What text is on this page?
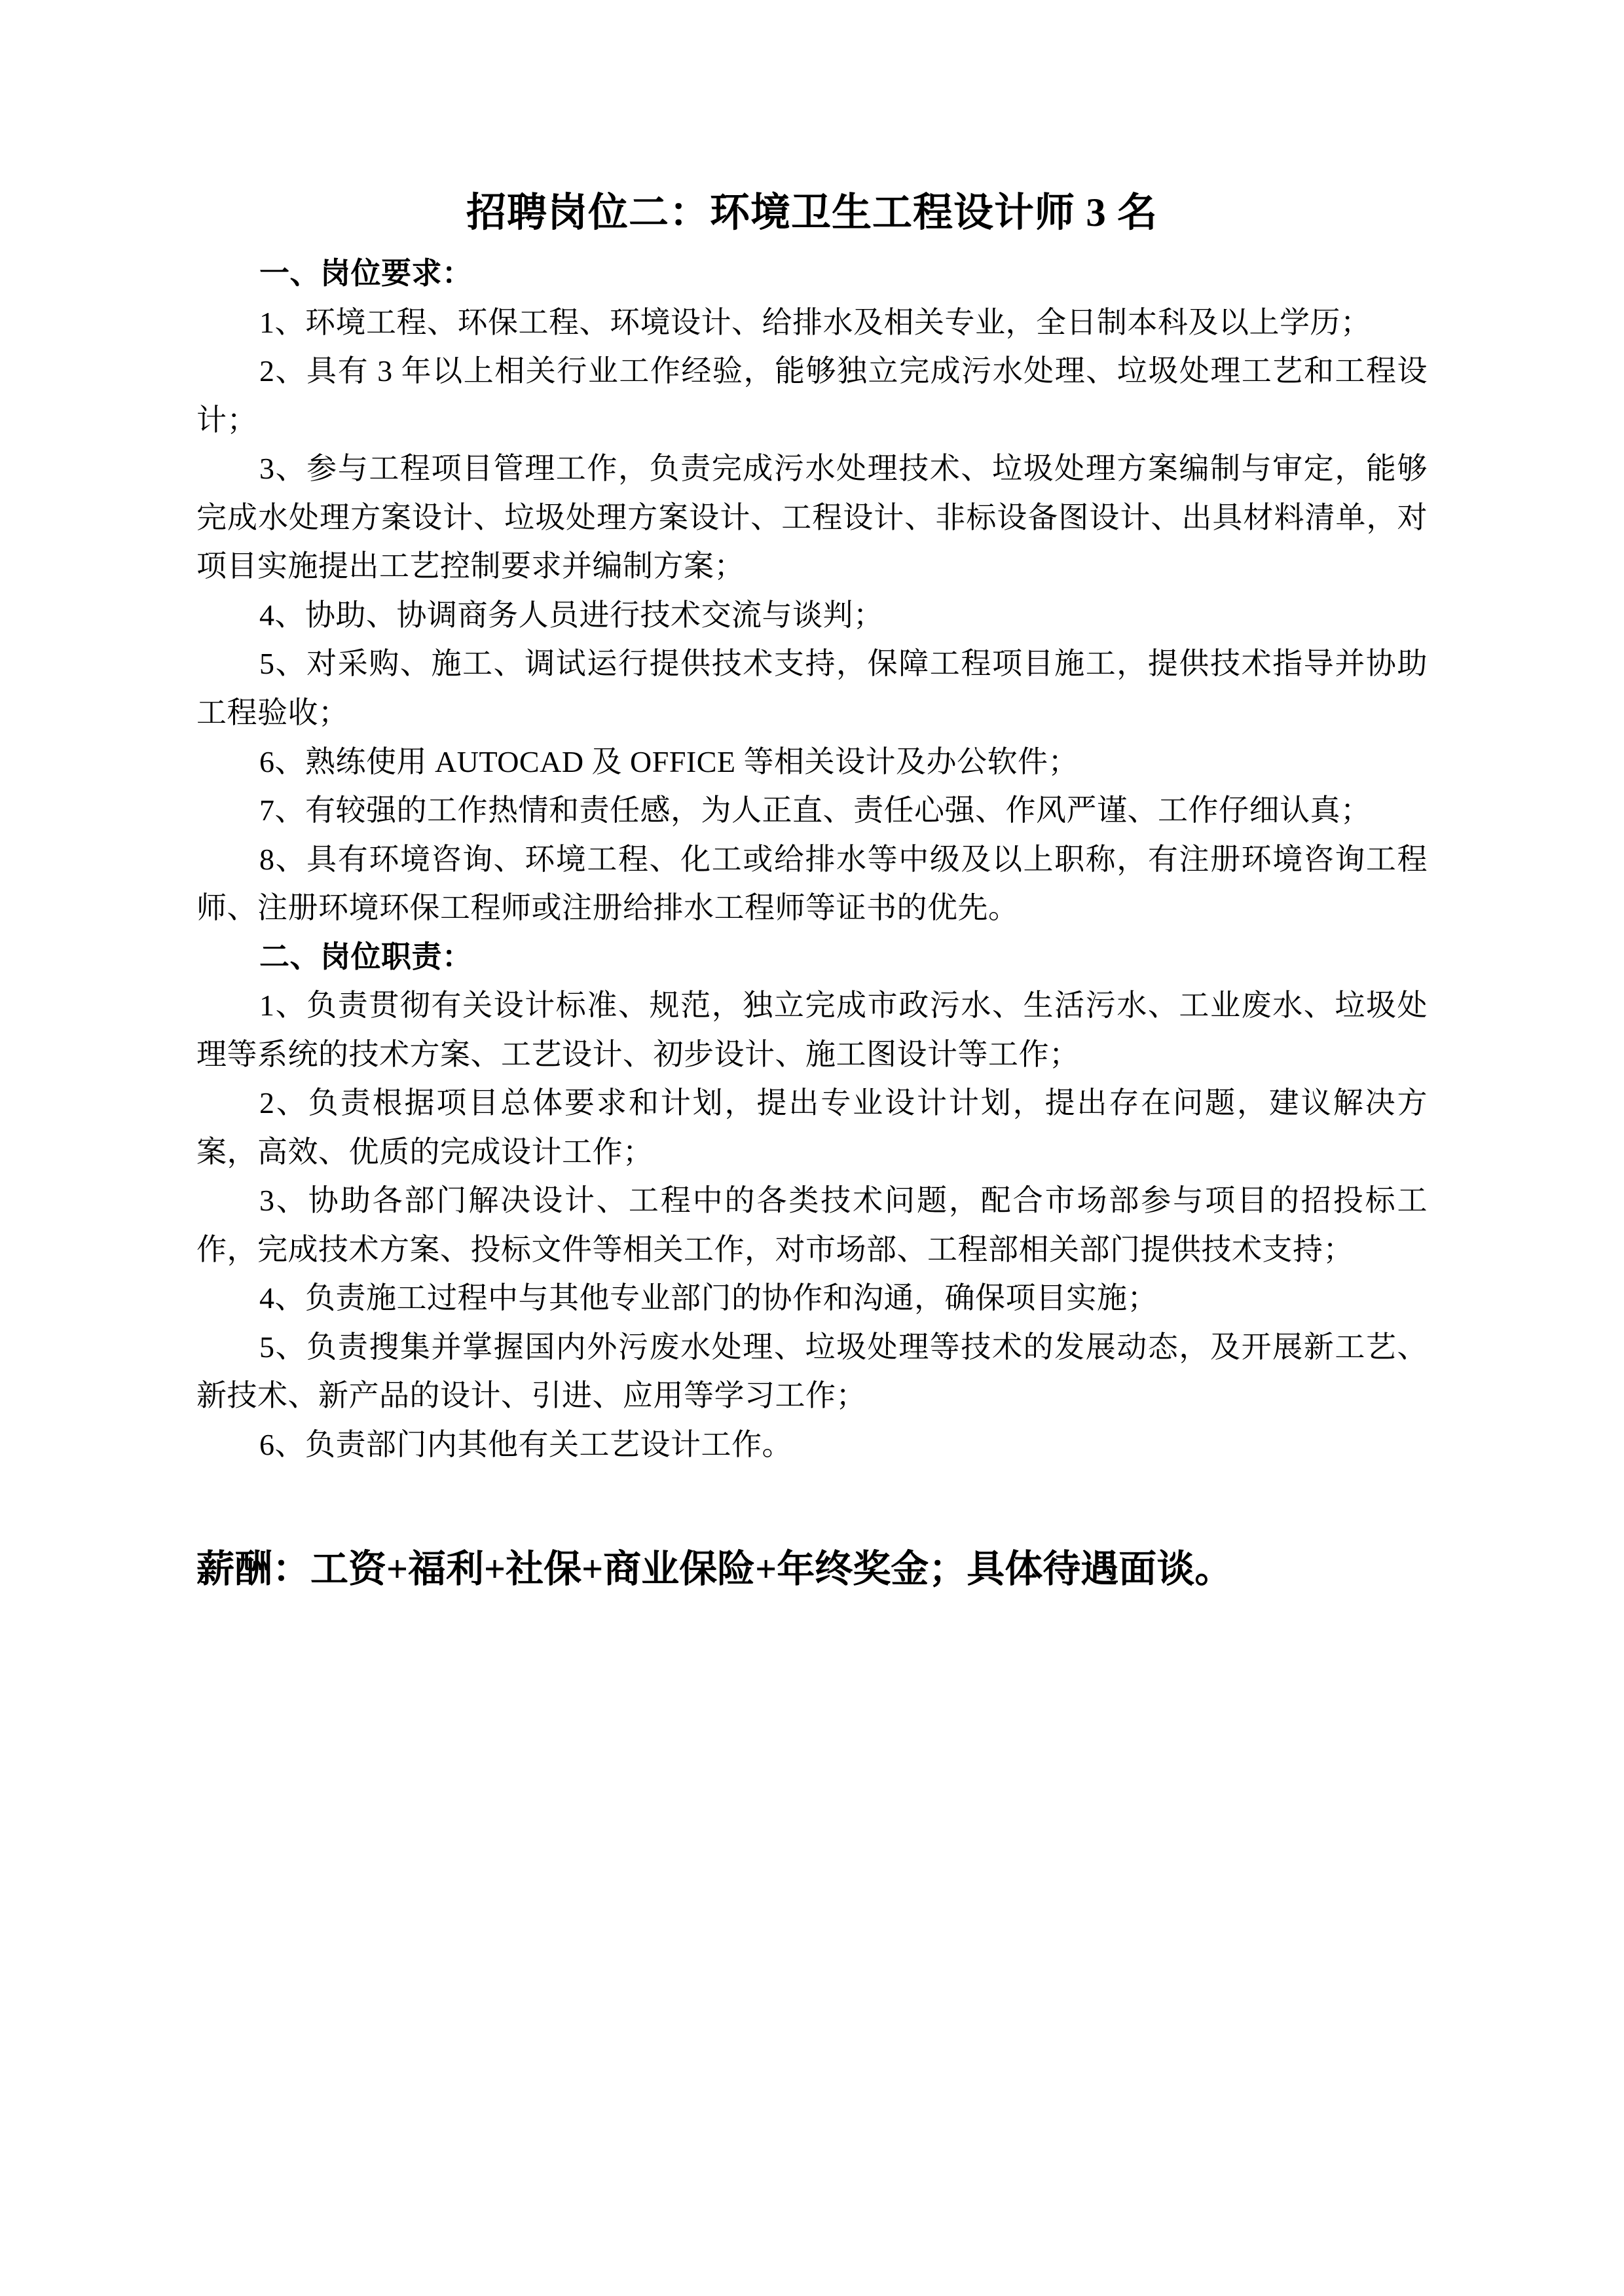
招聘岗位二：环境卫生工程设计师 3 名

一、岗位要求：

1、环境工程、环保工程、环境设计、给排水及相关专业，全日制本科及以上学历；

2、具有 3 年以上相关行业工作经验，能够独立完成污水处理、垃圾处理工艺和工程设计；

3、参与工程项目管理工作，负责完成污水处理技术、垃圾处理方案编制与审定，能够完成水处理方案设计、垃圾处理方案设计、工程设计、非标设备图设计、出具材料清单，对项目实施提出工艺控制要求并编制方案；

4、协助、协调商务人员进行技术交流与谈判；

5、对采购、施工、调试运行提供技术支持，保障工程项目施工，提供技术指导并协助工程验收；

6、熟练使用 AUTOCAD 及 OFFICE 等相关设计及办公软件；

7、有较强的工作热情和责任感，为人正直、责任心强、作风严谨、工作仔细认真；

8、具有环境咨询、环境工程、化工或给排水等中级及以上职称，有注册环境咨询工程师、注册环境环保工程师或注册给排水工程师等证书的优先。

二、岗位职责：

1、负责贯彻有关设计标准、规范，独立完成市政污水、生活污水、工业废水、垃圾处理等系统的技术方案、工艺设计、初步设计、施工图设计等工作；

2、负责根据项目总体要求和计划，提出专业设计计划，提出存在问题，建议解决方案，高效、优质的完成设计工作；

3、协助各部门解决设计、工程中的各类技术问题，配合市场部参与项目的招投标工作，完成技术方案、投标文件等相关工作，对市场部、工程部相关部门提供技术支持；

4、负责施工过程中与其他专业部门的协作和沟通，确保项目实施；

5、负责搜集并掌握国内外污废水处理、垃圾处理等技术的发展动态，及开展新工艺、新技术、新产品的设计、引进、应用等学习工作；

6、负责部门内其他有关工艺设计工作。

薪酬：工资+福利+社保+商业保险+年终奖金；具体待遇面谈。
